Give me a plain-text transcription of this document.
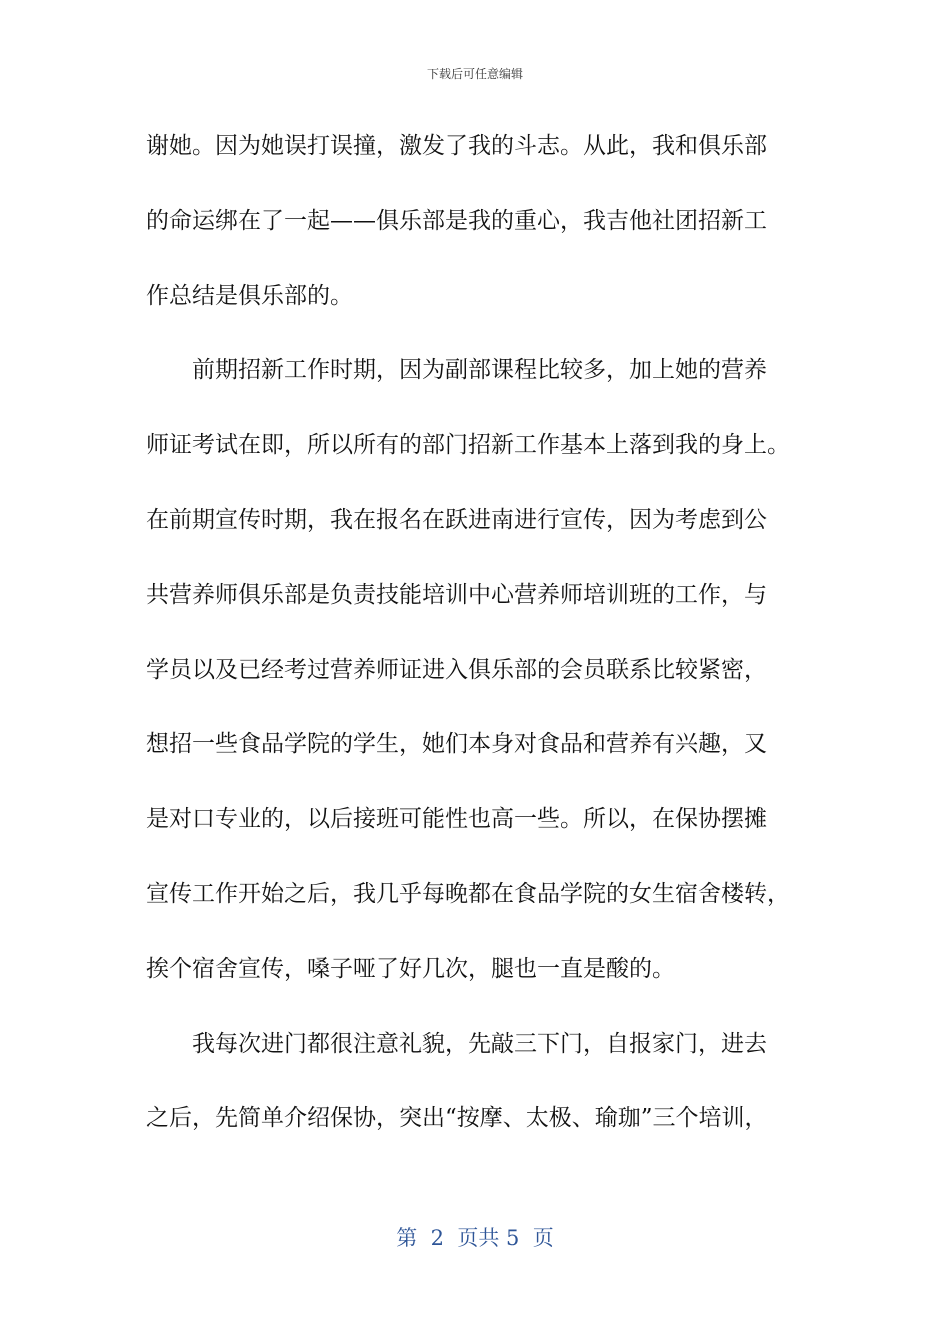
下载后可任意编辑
谢她。因为她误打误撞，激发了我的斗志。从此，我和俱乐部
的命运绑在了一起——俱乐部是我的重心，我吉他社团招新工
作总结是俱乐部的。
前期招新工作时期，因为副部课程比较多，加上她的营养
师证考试在即，所以所有的部门招新工作基本上落到我的身上。
在前期宣传时期，我在报名在跃进南进行宣传，因为考虑到公
共营养师俱乐部是负责技能培训中心营养师培训班的工作，与
学员以及已经考过营养师证进入俱乐部的会员联系比较紧密，
想招一些食品学院的学生，她们本身对食品和营养有兴趣，又
是对口专业的，以后接班可能性也高一些。所以，在保协摆摊
宣传工作开始之后，我几乎每晚都在食品学院的女生宿舍楼转，
挨个宿舍宣传，嗓子哑了好几次，腿也一直是酸的。
我每次进门都很注意礼貌，先敲三下门，自报家门，进去
之后，先简单介绍保协，突出“按摩、太极、瑜珈”三个培训，
第  2  页共 5  页
